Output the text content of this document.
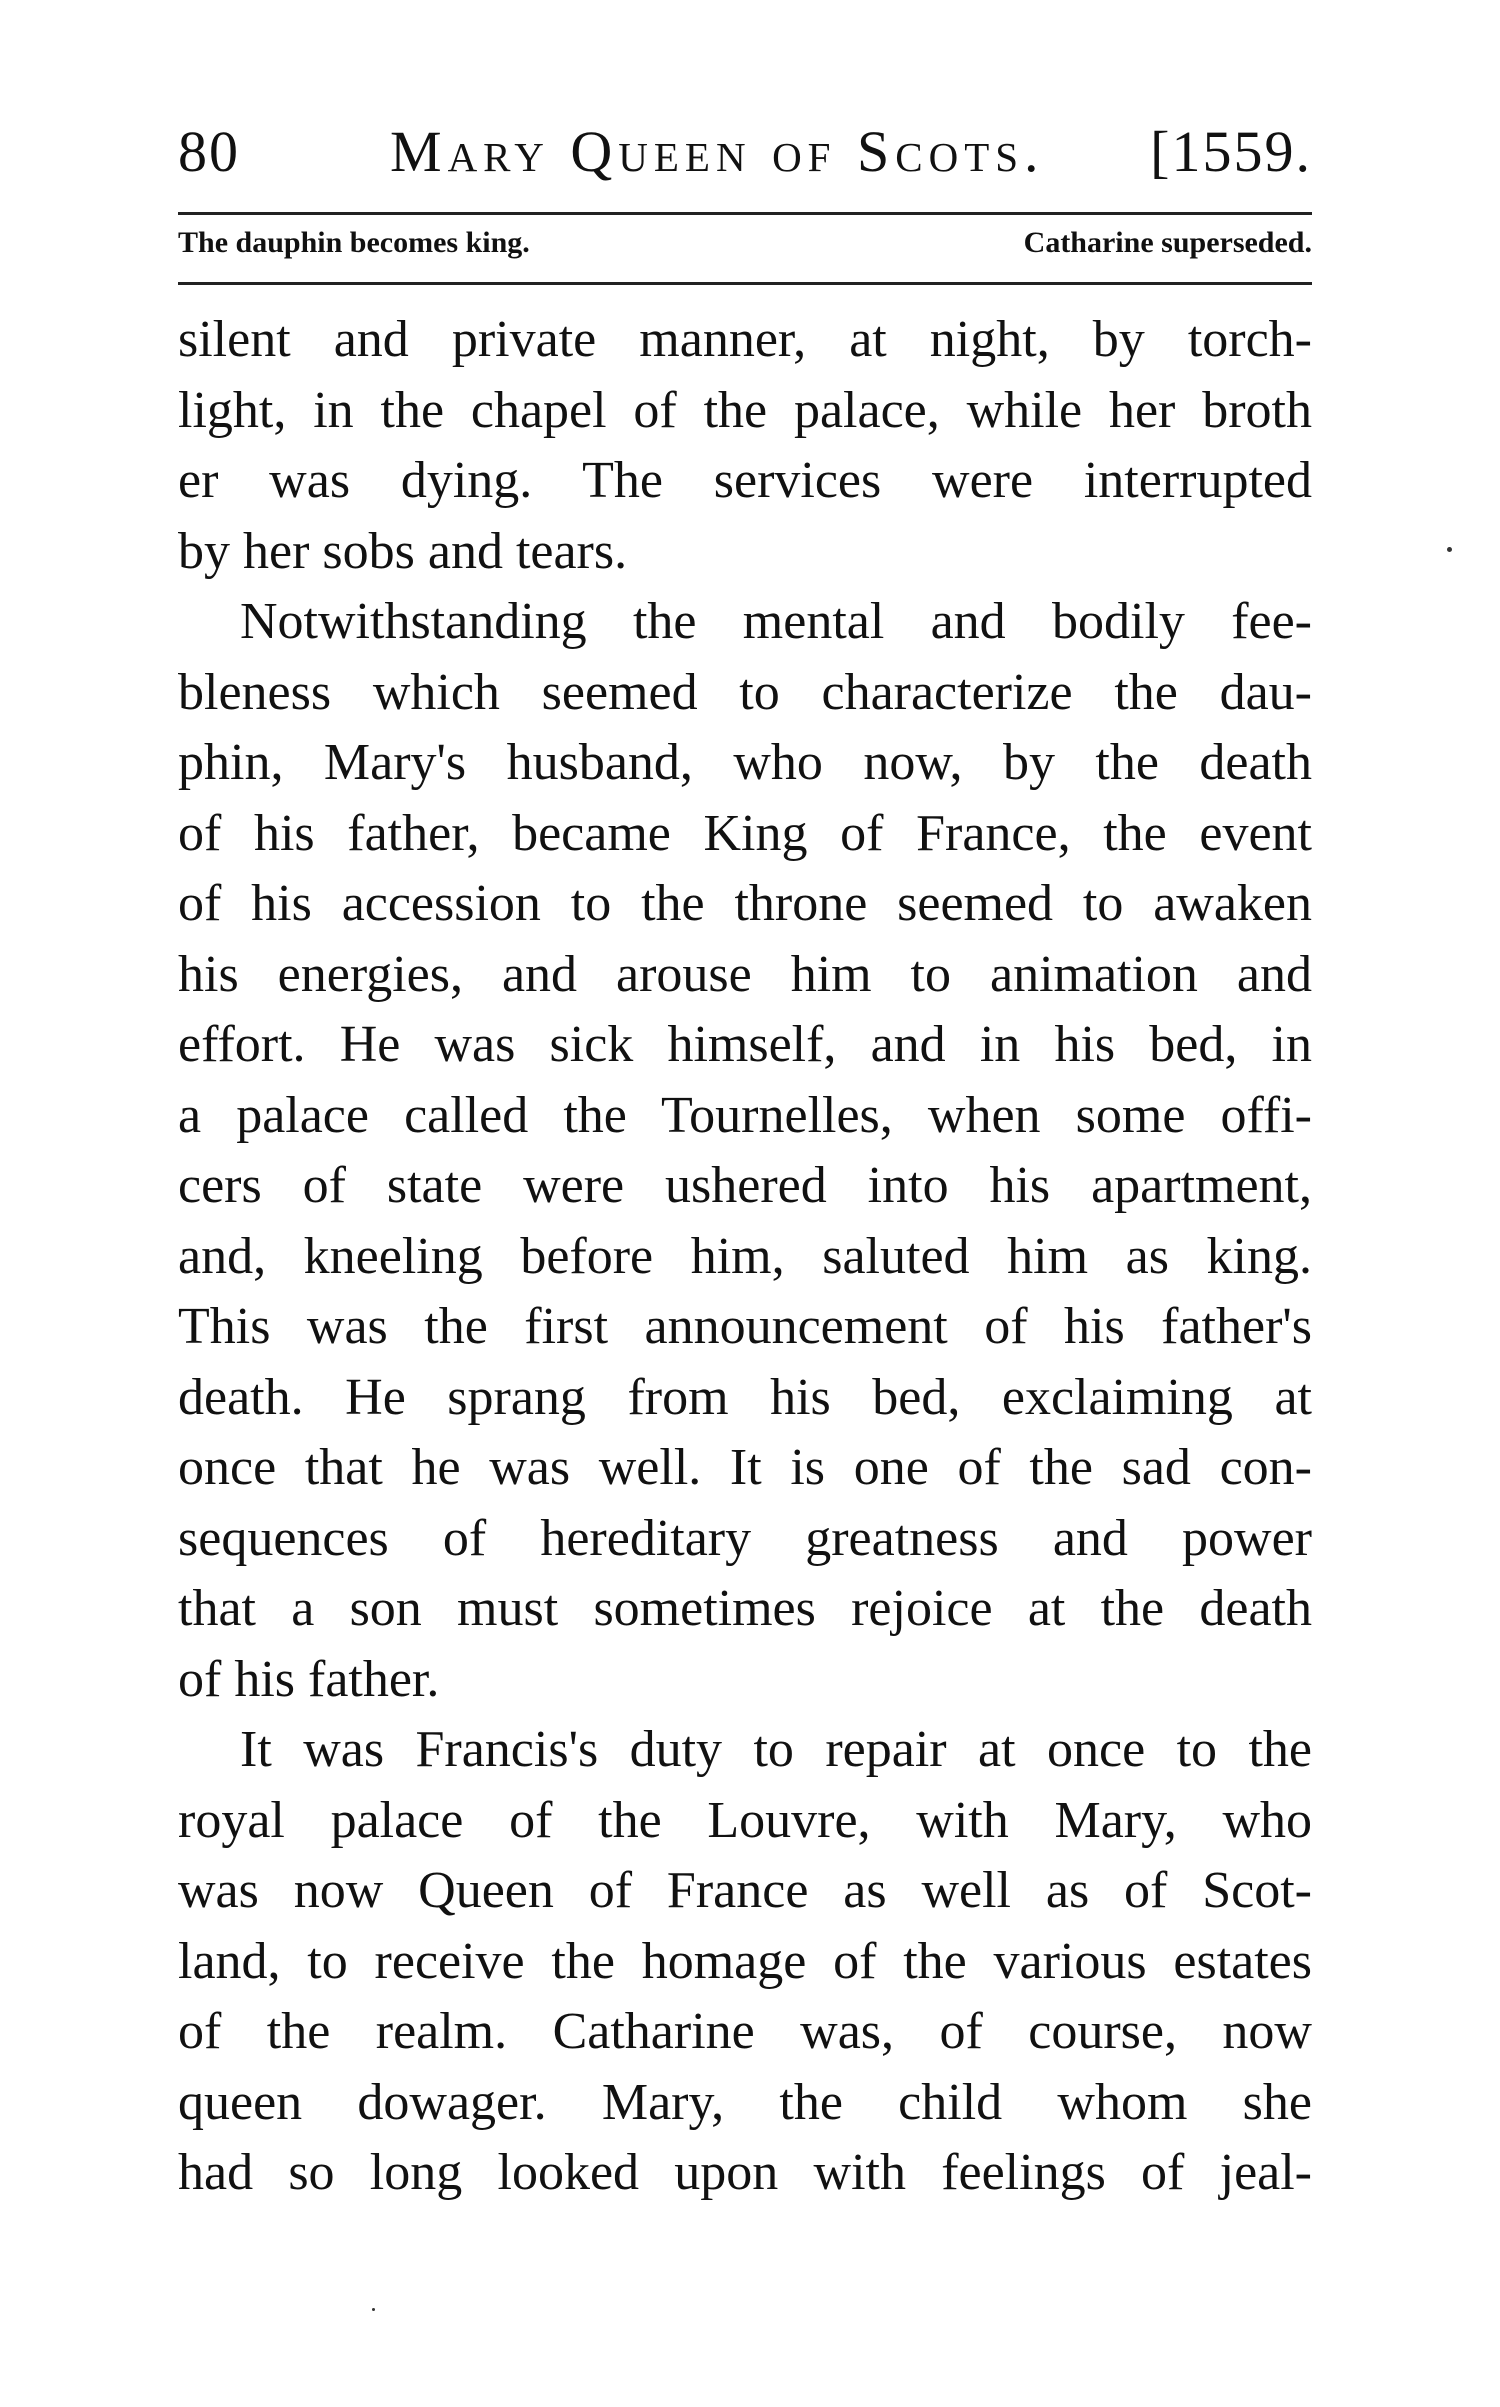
80	Mary Queen of Scots. [1559.
The dauphin becomes king.	Catharine superseded.
silent and private manner, at night, by torch-
light, in the chapel of the palace, while her broth
er was dying. The services were interrupted
by her sobs and tears.
Notwithstanding the mental and bodily fee-
bleness which seemed to characterize the dau-
phin, Mary's husband, who now, by the death
of his father, became King of France, the event
of his accession to the throne seemed to awaken
his energies, and arouse him to animation and
effort. He was sick himself, and in his bed, in
a palace called the Tournelles, when some offi-
cers of state were ushered into his apartment,
and, kneeling before him, saluted him as king.
This was the first announcement of his father's
death. He sprang from his bed, exclaiming at
once that he was well. It is one of the sad con-
sequences of hereditary greatness and power
that a son must sometimes rejoice at the death
of his father.
It was Francis's duty to repair at once to the
royal palace of the Louvre, with Mary, who
was now Queen of France as well as of Scot-
land, to receive the homage of the various estates
of the realm. Catharine was, of course, now
queen dowager. Mary, the child whom she
had so long looked upon with feelings of jeal-
